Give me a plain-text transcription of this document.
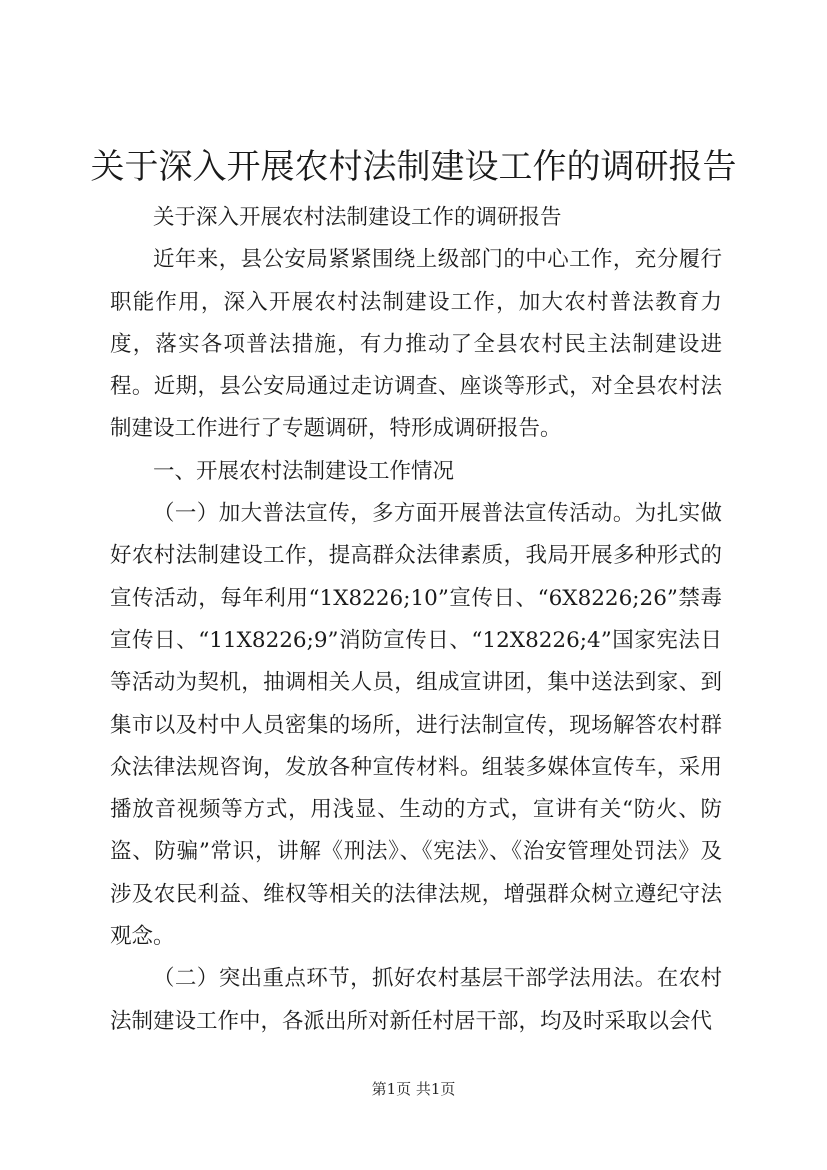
关于深入开展农村法制建设工作的调研报告

关于深入开展农村法制建设工作的调研报告

近年来，县公安局紧紧围绕上级部门的中心工作，充分履行职能作用，深入开展农村法制建设工作，加大农村普法教育力度，落实各项普法措施，有力推动了全县农村民主法制建设进程。近期，县公安局通过走访调查、座谈等形式，对全县农村法制建设工作进行了专题调研，特形成调研报告。

一、开展农村法制建设工作情况

（一）加大普法宣传，多方面开展普法宣传活动。为扎实做好农村法制建设工作，提高群众法律素质，我局开展多种形式的宣传活动，每年利用“1X8226;10”宣传日、“6X8226;26”禁毒宣传日、“11X8226;9”消防宣传日、“12X8226;4”国家宪法日等活动为契机，抽调相关人员，组成宣讲团，集中送法到家、到集市以及村中人员密集的场所，进行法制宣传，现场解答农村群众法律法规咨询，发放各种宣传材料。组装多媒体宣传车，采用播放音视频等方式，用浅显、生动的方式，宣讲有关“防火、防盗、防骗”常识，讲解《刑法》、《宪法》、《治安管理处罚法》及涉及农民利益、维权等相关的法律法规，增强群众树立遵纪守法观念。

（二）突出重点环节，抓好农村基层干部学法用法。在农村法制建设工作中，各派出所对新任村居干部，均及时采取以会代

第1页 共1页
